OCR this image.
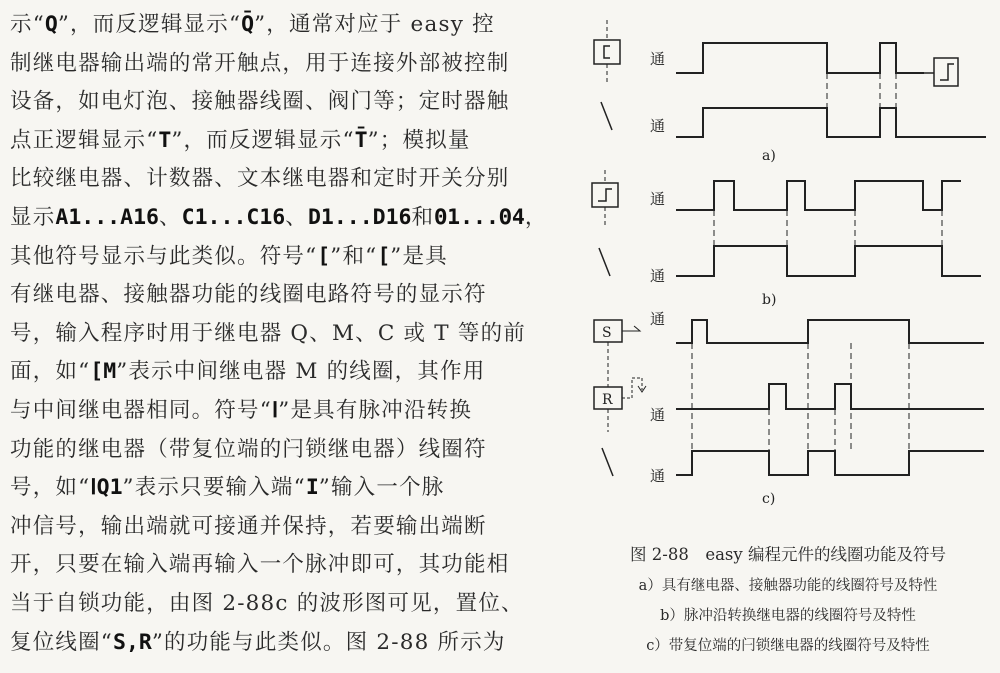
示“Q”，而反逻辑显示“Q̄”，通常对应于 easy 控
制继电器输出端的常开触点，用于连接外部被控制
设备，如电灯泡、接触器线圈、阀门等；定时器触
点正逻辑显示“T”，而反逻辑显示“T̄”；模拟量
比较继电器、计数器、文本继电器和定时开关分别
显示A1...A16、C1...C16、D1...D16和Θ1...Θ4，
其他符号显示与此类似。符号“[”和“[”是具
有继电器、接触器功能的线圈电路符号的显示符
号，输入程序时用于继电器 Q、M、C 或 T 等的前
面，如“[M”表示中间继电器 M 的线圈，其作用
与中间继电器相同。符号“Ⅰ”是具有脉冲沿转换
功能的继电器（带复位端的闩锁继电器）线圈符
号，如“ⅠQ1”表示只要输入端“I”输入一个脉
冲信号，输出端就可接通并保持，若要输出端断
开，只要在输入端再输入一个脉冲即可，其功能相
当于自锁功能，由图 2-88c 的波形图可见，置位、
复位线圈“S,R”的功能与此类似。图 2-88 所示为
通
通
a)
通
通
b)
S
通
R
通
通
c)
图 2-88　easy 编程元件的线圈功能及符号
a）具有继电器、接触器功能的线圈符号及特性
b）脉冲沿转换继电器的线圈符号及特性
c）带复位端的闩锁继电器的线圈符号及特性
